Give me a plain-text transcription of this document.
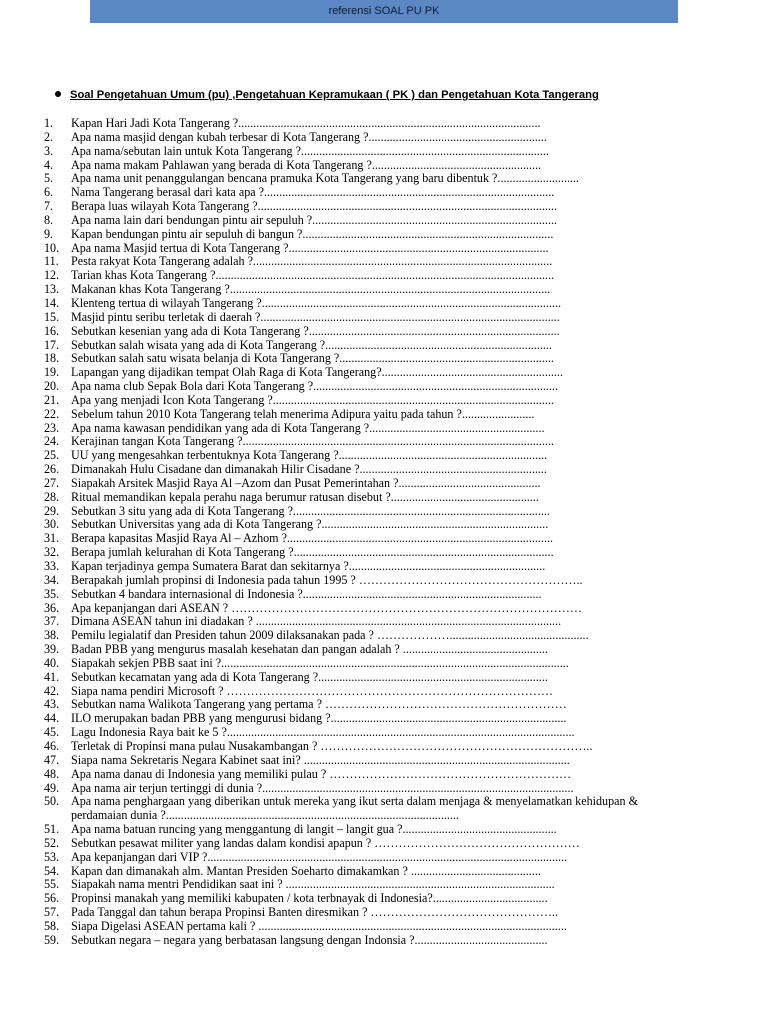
referensi SOAL PU PK
Soal Pengetahuan Umum (pu) ,Pengetahuan Kepramukaan ( PK ) dan Pengetahuan Kota Tangerang
1.	Kapan Hari Jadi Kota Tangerang ?....................................................................................................
2.	Apa nama masjid dengan kubah terbesar di Kota Tangerang ?...........................................................
3.	Apa nama/sebutan lain untuk Kota Tangerang ?..................................................................................
4.	Apa nama makam Pahlawan yang berada di Kota Tangerang ?........................................................
5.	Apa nama unit penanggulangan bencana pramuka Kota Tangerang yang baru dibentuk ?...........................
6.	Nama Tangerang berasal dari kata apa ?................................................................................................
7.	Berapa luas wilayah Kota Tangerang ?...................................................................................................
8.	Apa nama lain dari bendungan pintu air sepuluh ?.................................................................................
9.	Kapan bendungan pintu air sepuluh di bangun ?...................................................................................
10. Apa nama Masjid tertua di Kota Tangerang ?......................................................................................
11.	Pesta rakyat Kota Tangerang adalah ?...................................................................................................
12. Tarian khas Kota Tangerang ?................................................................................................................
13. Makanan khas Kota Tangerang ?..........................................................................................................
14. Klenteng tertua di wilayah Tangerang ?...................................................................................................
15. Masjid pintu seribu terletak di daerah ?...................................................................................................
16. Sebutkan kesenian yang ada di Kota Tangerang ?...................................................................................
17. Sebutkan salah wisata yang ada di Kota Tangerang ?...........................................................................
18. Sebutkan salah satu wisata belanja di Kota Tangerang ?.......................................................................
19. Lapangan yang dijadikan tempat Olah Raga di Kota Tangerang?............................................................
20. Apa nama club Sepak Bola dari Kota Tangerang ?.................................................................................
21. Apa yang menjadi Icon Kota Tangerang ?.............................................................................................
22. Sebelum tahun 2010 Kota Tangerang telah menerima Adipura yaitu pada tahun ?........................
23. Apa nama kawasan pendidikan yang ada di Kota Tangerang ?..........................................................
24. Kerajinan tangan Kota Tangerang ?.......................................................................................................
25. UU yang mengesahkan terbentuknya Kota Tangerang ?.....................................................................
26. Dimanakah Hulu Cisadane dan dimanakah Hilir Cisadane ?..............................................................
27. Siapakah Arsitek Masjid Raya Al –Azom dan Pusat Pemerintahan ?...............................................
28. Ritual memandikan kepala perahu naga berumur ratusan disebut ?.................................................
29. Sebutkan 3 situ yang ada di Kota Tangerang ?.....................................................................................
30. Sebutkan Universitas yang ada di Kota Tangerang ?...........................................................................
31. Berapa kapasitas Masjid Raya Al – Azhom ?........................................................................................
32. Berapa jumlah kelurahan di Kota Tangerang ?......................................................................................
33. Kapan terjadinya gempa Sumatera Barat dan sekitarnya ?.................................................................
34. Berapakah jumlah propinsi di Indonesia pada tahun 1995 ? ………………………………………………..
35. Sebutkan 4 bandara internasional di Indonesia ?...............................................................................
36. Apa kepanjangan dari ASEAN ? ……………………………………………………………………………
37. Dimana ASEAN tahun ini diadakan ? .....................................................................................................
38. Pemilu legialatif dan Presiden tahun 2009 dilaksanakan pada ? ………………..............................................
39. Badan PBB yang mengurus masalah kesehatan dan pangan adalah ? ................................................
40. Siapakah sekjen PBB saat ini ?...................................................................................................................
41. Sebutkan kecamatan yang ada di Kota Tangerang ?............................................................................
42. Siapa nama pendiri Microsoft ? ………………………………………………………………………
43. Sebutkan nama Walikota Tangerang yang pertama ? ……………………………………………………
44. ILO merupakan badan PBB yang mengurusi bidang ?..............................................................................
45. Lagu Indonesia Raya bait ke 5 ?...................................................................................................................
46. Terletak di Propinsi mana pulau Nusakambangan ? …………………………………………………………..
47. Siapa nama Sekretaris Negara Kabinet saat ini? ........................................................................................
48. Apa nama danau di Indonesia yang memiliki pulau ? ……………………………………………………
49. Apa nama air terjun tertinggi di dunia ?.......................................................................................................
50. Apa nama penghargaan yang diberikan untuk mereka yang ikut serta dalam menjaga & menyelamatkan kehidupan & perdamaian dunia ?.................................................................................................
51. Apa nama batuan runcing yang menggantung di langit – langit gua ?...................................................
52. Sebutkan pesawat militer yang landas dalam kondisi apapun ? ……………………………………………
53. Apa kepanjangan dari VIP ?.......................................................................................................................
54. Kapan dan dimanakah alm. Mantan Presiden Soeharto dimakamkan ? ...........................................
55. Siapakah nama mentri Pendidikan saat ini ? .........................................................................................
56. Propinsi manakah yang memiliki kabupaten / kota terbnayak di Indonesia?......................................
57. Pada Tanggal dan tahun berapa Propinsi Banten diresmikan ? ………………………………………..
58. Siapa Digelasi ASEAN pertama kali ? ......................................................................................................
59. Sebutkan negara – negara yang berbatasan langsung dengan Indonsia ?............................................
